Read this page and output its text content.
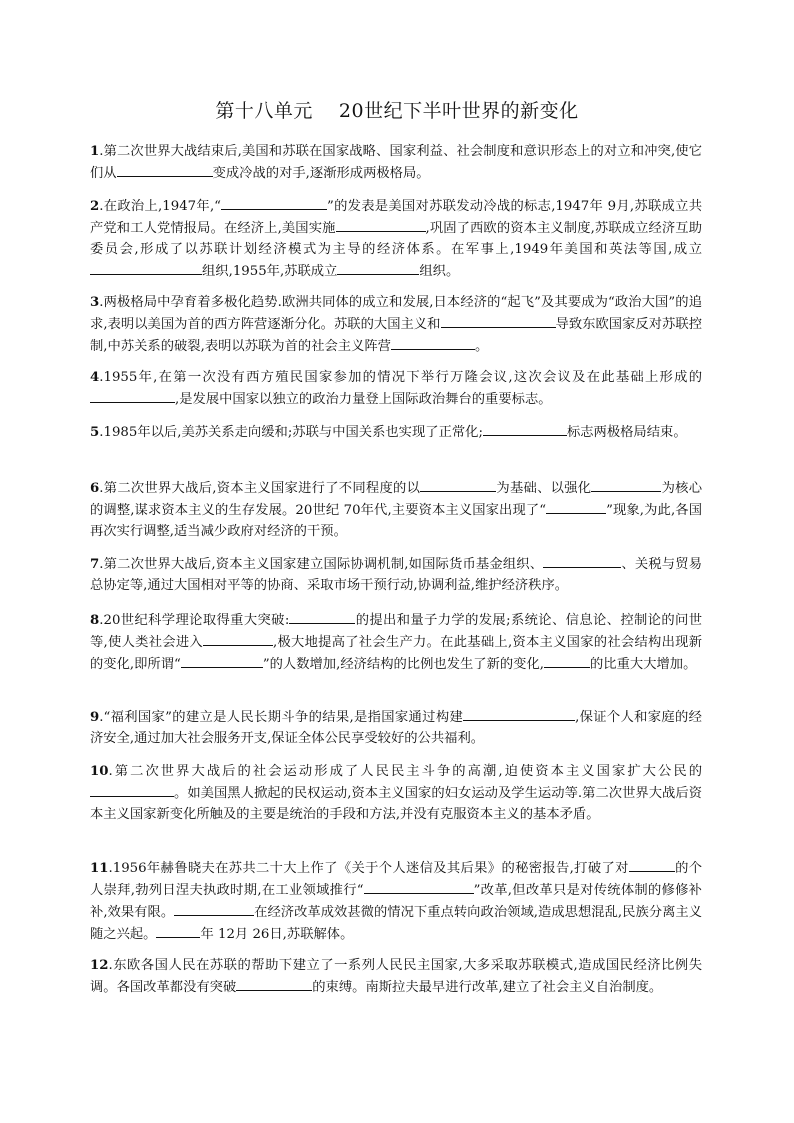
第十八单元　 20世纪下半叶世界的新变化
1.第二次世界大战结束后,美国和苏联在国家战略、国家利益、社会制度和意识形态上的对立和冲突,使它们从	变成冷战的对手,逐渐形成两极格局。
2.在政治上,1947年,“	”的发表是美国对苏联发动冷战的标志,1947年 9月,苏联成立共产党和工人党情报局。在经济上,美国实施	,巩固了西欧的资本主义制度,苏联成立经济互助委员会,形成了以苏联计划经济模式为主导的经济体系。在军事上,1949年美国和英法等国,成立组织,1955年,苏联成立	组织。
3.两极格局中孕育着多极化趋势.欧洲共同体的成立和发展,日本经济的“起飞”及其要成为“政治大国”的追求,表明以美国为首的西方阵营逐渐分化。苏联的大国主义和	导致东欧国家反对苏联控制,中苏关系的破裂,表明以苏联为首的社会主义阵营	。
4.1955年,在第一次没有西方殖民国家参加的情况下举行万隆会议,这次会议及在此基础上形成的,是发展中国家以独立的政治力量登上国际政治舞台的重要标志。
5.1985年以后,美苏关系走向缓和;苏联与中国关系也实现了正常化;	标志两极格局结束。
6.第二次世界大战后,资本主义国家进行了不同程度的以	为基础、以强化	为核心的调整,谋求资本主义的生存发展。20世纪 70年代,主要资本主义国家出现了“	”现象,为此,各国再次实行调整,适当减少政府对经济的干预。
7.第二次世界大战后,资本主义国家建立国际协调机制,如国际货币基金组织、	、关税与贸易总协定等,通过大国相对平等的协商、采取市场干预行动,协调利益,维护经济秩序。
8.20世纪科学理论取得重大突破:	的提出和量子力学的发展;系统论、信息论、控制论的问世等,使人类社会进入	,极大地提高了社会生产力。在此基础上,资本主义国家的社会结构出现新的变化,即所谓“	”的人数增加,经济结构的比例也发生了新的变化,	的比重大大增加。
9.“福利国家”的建立是人民长期斗争的结果,是指国家通过构建	,保证个人和家庭的经济安全,通过加大社会服务开支,保证全体公民享受较好的公共福利。
10.第二次世界大战后的社会运动形成了人民民主斗争的高潮,迫使资本主义国家扩大公民的。如美国黑人掀起的民权运动,资本主义国家的妇女运动及学生运动等.第二次世界大战后资本主义国家新变化所触及的主要是统治的手段和方法,并没有克服资本主义的基本矛盾。
11.1956年赫鲁晓夫在苏共二十大上作了《关于个人迷信及其后果》的秘密报告,打破了对	的个人崇拜,勃列日涅夫执政时期,在工业领域推行“	”改革,但改革只是对传统体制的修修补补,效果有限。	在经济改革成效甚微的情况下重点转向政治领域,造成思想混乱,民族分离主义随之兴起。	年 12月 26日,苏联解体。
12.东欧各国人民在苏联的帮助下建立了一系列人民民主国家,大多采取苏联模式,造成国民经济比例失调。各国改革都没有突破	的束缚。南斯拉夫最早进行改革,建立了社会主义自治制度。
